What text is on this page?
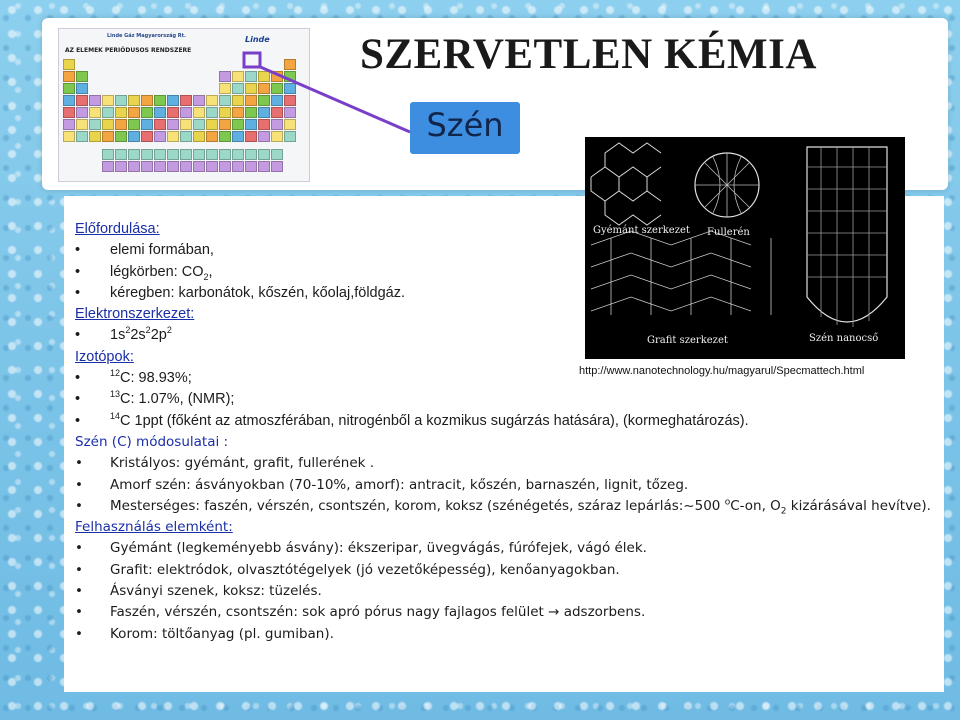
Linde Gáz Magyarország Rt.
AZ ELEMEK PERIÓDUSOS RENDSZERE
Linde SZERVETLEN KÉMIA
Szén
Gyémánt szerkezet Fullerén
Grafit szerkezet	Szén nanocső
http://www.nanotechnology.hu/magyarul/Specmattech.html
Előfordulása:
• elemi formában,
• légkörben: $CO_2$,
• kéregben: karbonátok, kőszén, kőolaj,földgáz.
Elektronszerkezet:
• $1s^22s^22p^2$
Izotópok:
• $^{12}$C: 98.93%;
• $^{13}$C: 1.07%, (NMR);
• $^{14}$C 1ppt (főként az atmoszférában, nitrogénből a kozmikus sugárzás hatására), (kormeghatározás).
Szén (C) módosulatai :
• Kristályos: gyémánt, grafit, fullerének .
• Amorf szén: ásványokban (70-10%, amorf): antracit, kőszén, barnaszén, lignit, tőzeg.
• Mesterséges: faszén, vérszén, csontszén, korom, koksz (szénégetés, száraz lepárlás:~500 $^o$C-on, $O_2$ kizárásával hevítve).
Felhasználás elemként:
• Gyémánt (legkeményebb ásvány): ékszeripar, üvegvágás, fúrófejek, vágó élek.
• Grafit: elektródok, olvasztótégelyek (jó vezetőképesség), kenőanyagokban.
• Ásványi szenek, koksz: tüzelés.
• Faszén, vérszén, csontszén: sok apró pórus nagy fajlagos felület → adszorbens.
• Korom: töltőanyag (pl. gumiban).
